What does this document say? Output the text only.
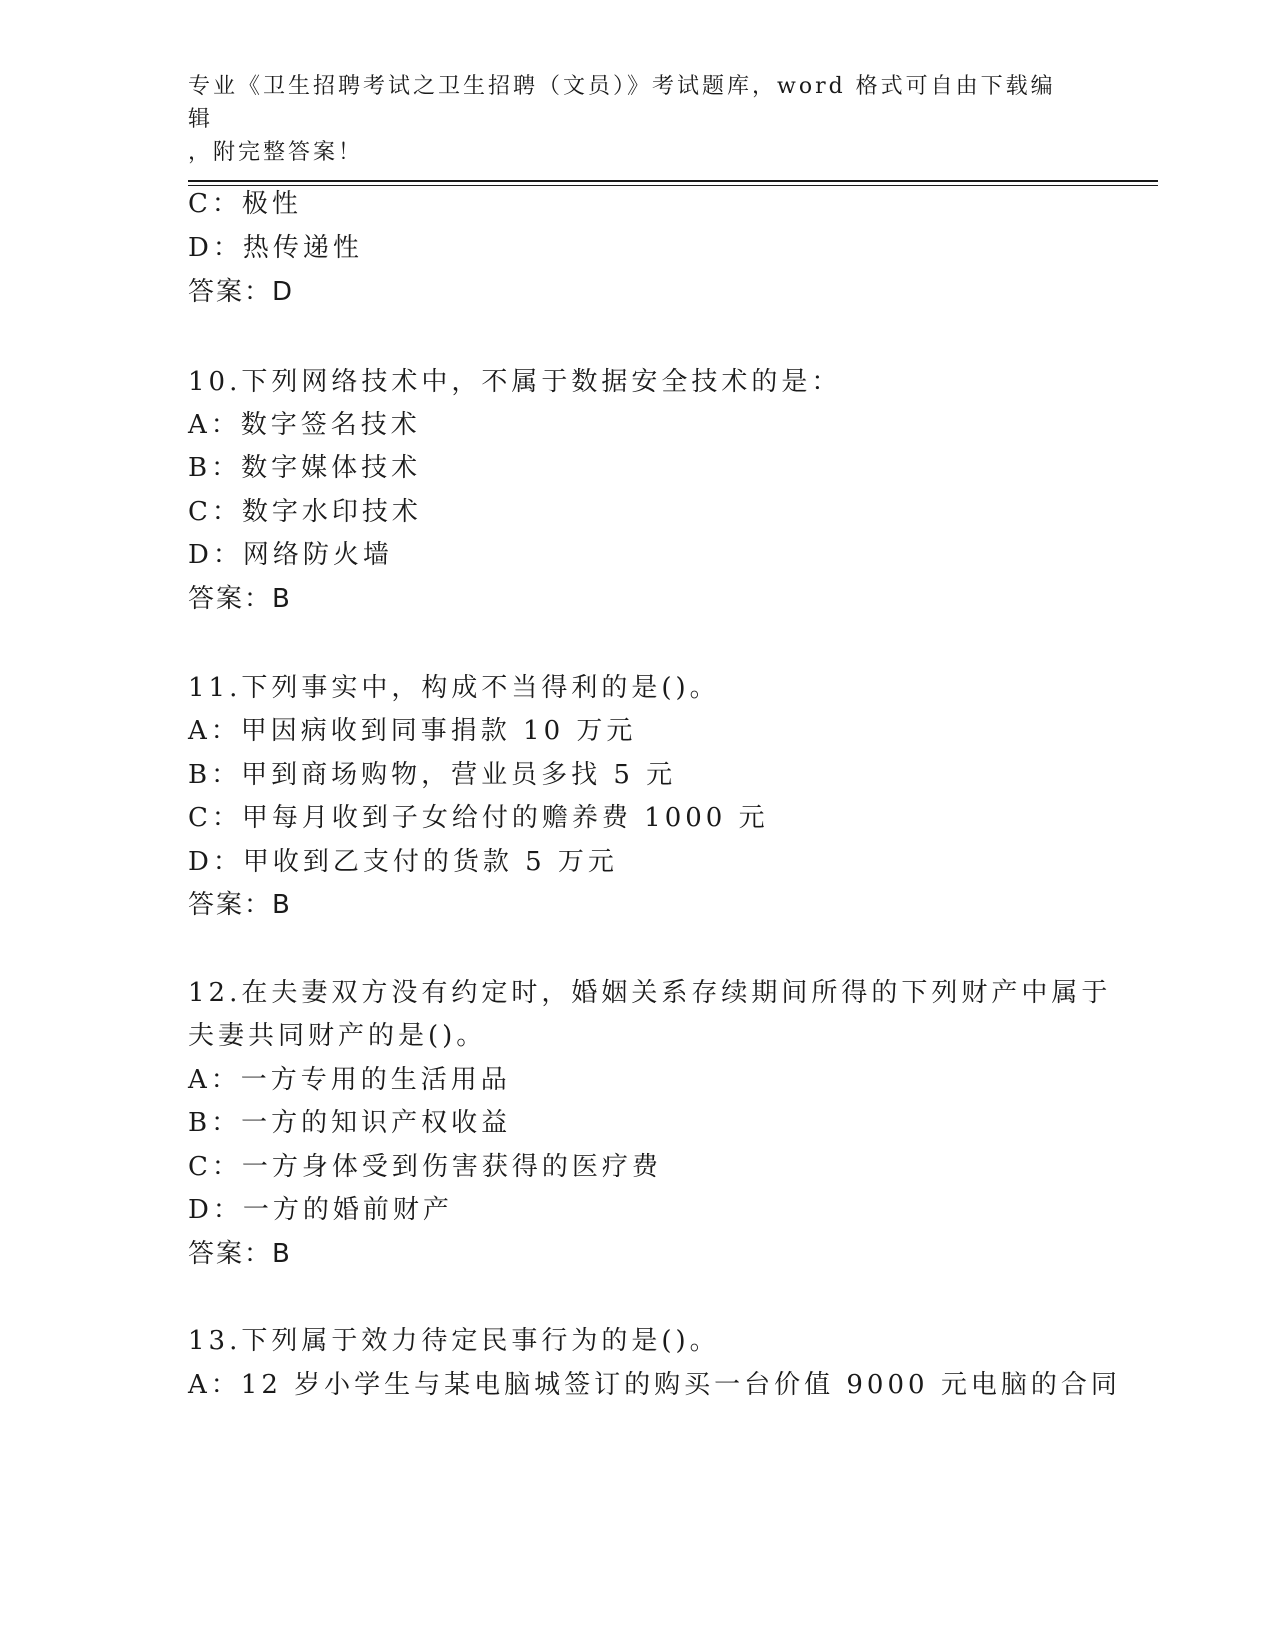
专业《卫生招聘考试之卫生招聘（文员）》考试题库，word 格式可自由下载编辑
，附完整答案！
C：极性
D：热传递性
答案：D
10.下列网络技术中，不属于数据安全技术的是：
A：数字签名技术
B：数字媒体技术
C：数字水印技术
D：网络防火墙
答案：B
11.下列事实中，构成不当得利的是()。
A：甲因病收到同事捐款 10 万元
B：甲到商场购物，营业员多找 5 元
C：甲每月收到子女给付的赡养费 1000 元
D：甲收到乙支付的货款 5 万元
答案：B
12.在夫妻双方没有约定时，婚姻关系存续期间所得的下列财产中属于
夫妻共同财产的是()。
A：一方专用的生活用品
B：一方的知识产权收益
C：一方身体受到伤害获得的医疗费
D：一方的婚前财产
答案：B
13.下列属于效力待定民事行为的是()。
A：12 岁小学生与某电脑城签订的购买一台价值 9000 元电脑的合同
